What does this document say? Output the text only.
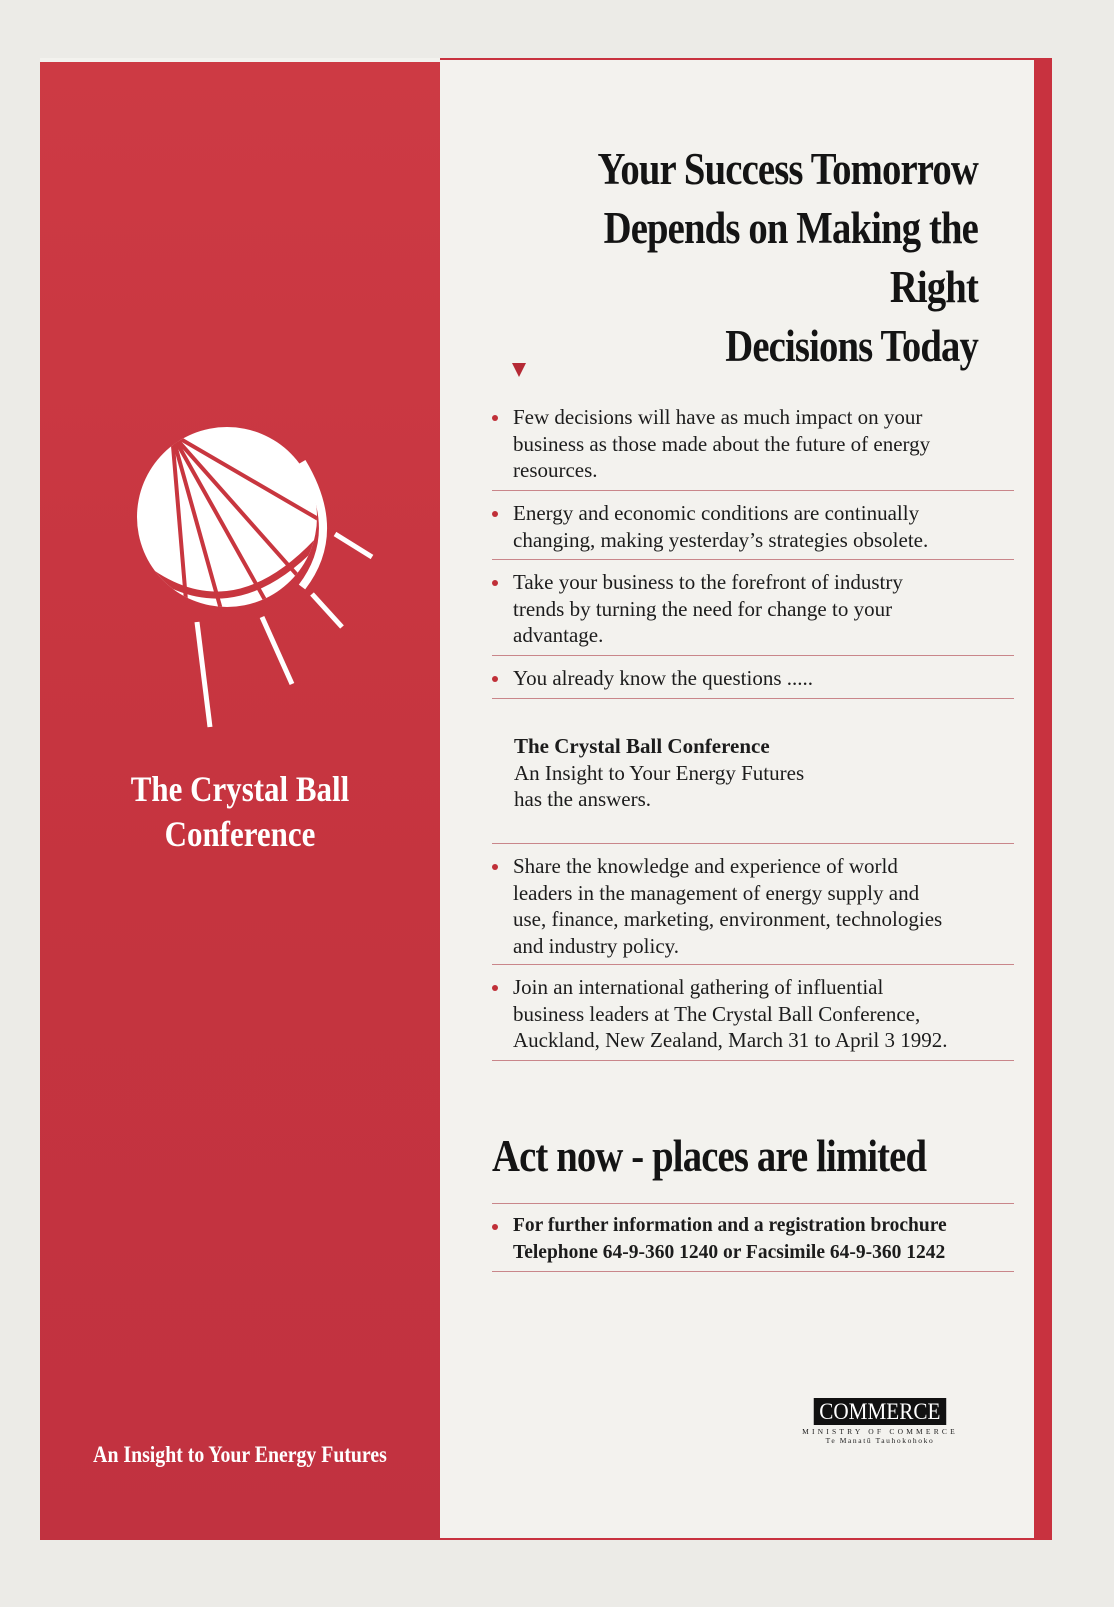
The Crystal Ball
Conference
An Insight to Your Energy Futures
Your Success Tomorrow
Depends on Making the Right
Decisions Today
Few decisions will have as much impact on your
business as those made about the future of energy
resources.
Energy and economic conditions are continually
changing, making yesterday’s strategies obsolete.
Take your business to the forefront of industry
trends by turning the need for change to your
advantage.
You already know the questions .....
The Crystal Ball Conference
An Insight to Your Energy Futures
has the answers.
Share the knowledge and experience of world
leaders in the management of energy supply and
use, finance, marketing, environment, technologies
and industry policy.
Join an international gathering of influential
business leaders at The Crystal Ball Conference,
Auckland, New Zealand, March 31 to April 3 1992.
Act now - places are limited
For further information and a registration brochure
Telephone 64-9-360 1240 or Facsimile 64-9-360 1242
COMMERCE
MINISTRY OF COMMERCE
Te Manatū Tauhokohoko
